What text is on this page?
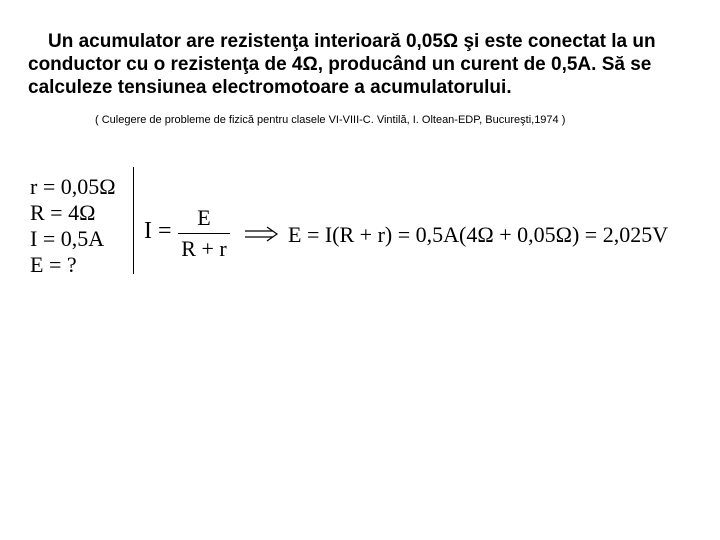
Un acumulator are rezistenţa interioară 0,05Ω şi este conectat la un conductor cu o rezistenţa de 4Ω, producând un curent de 0,5A. Să se calculeze tensiunea electromotoare a acumulatorului.
( Culegere de probleme de fizică pentru clasele VI-VIII-C. Vintilă, I. Oltean-EDP, Bucureşti,1974 )
r = 0,05Ω
R = 4Ω
I = 0,5A
E = ?
I =
E
R + r
E = I(R + r) = 0,5A(4Ω + 0,05Ω) = 2,025V
